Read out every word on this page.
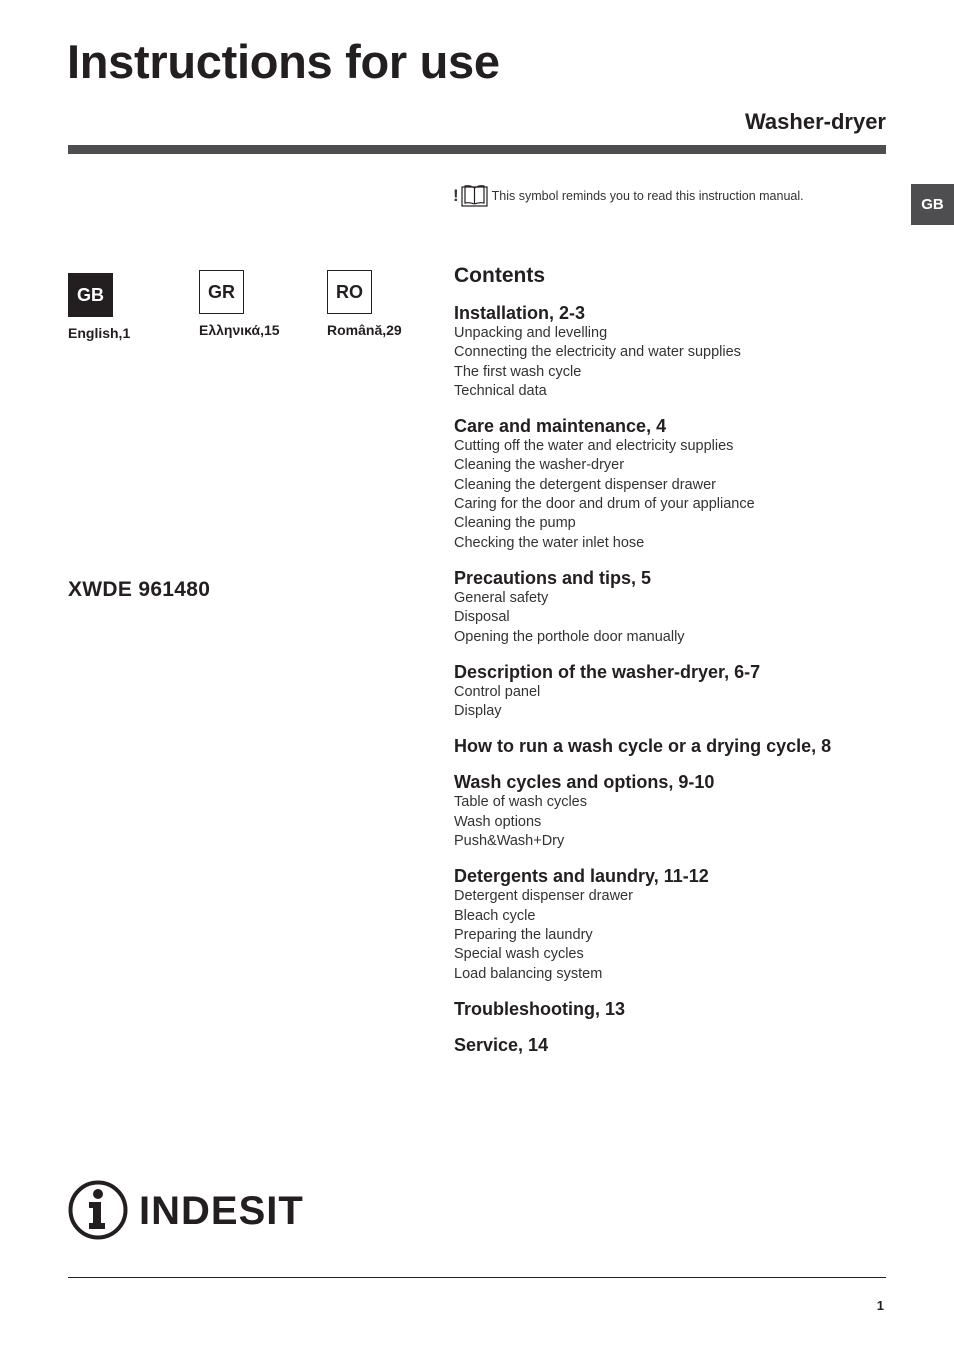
Instructions for use
Washer-dryer
GB
!	This symbol reminds you to read this instruction manual.
GB
English,1
GR
Ελληνικά,15
RO
Română,29
XWDE 961480
Contents
Installation, 2-3
Unpacking and levelling
Connecting the electricity and water supplies
The first wash cycle
Technical data
Care and maintenance, 4
Cutting off the water and electricity supplies
Cleaning the washer-dryer
Cleaning the detergent dispenser drawer
Caring for the door and drum of your appliance
Cleaning the pump
Checking the water inlet hose
Precautions and tips, 5
General safety
Disposal
Opening the porthole door manually
Description of the washer-dryer, 6-7
Control panel
Display
How to run a wash cycle or a drying cycle, 8
Wash cycles and options, 9-10
Table of wash cycles
Wash options
Push&Wash+Dry
Detergents and laundry, 11-12
Detergent dispenser drawer
Bleach cycle
Preparing the laundry
Special wash cycles
Load balancing system
Troubleshooting, 13
Service, 14
INDESIT
1
